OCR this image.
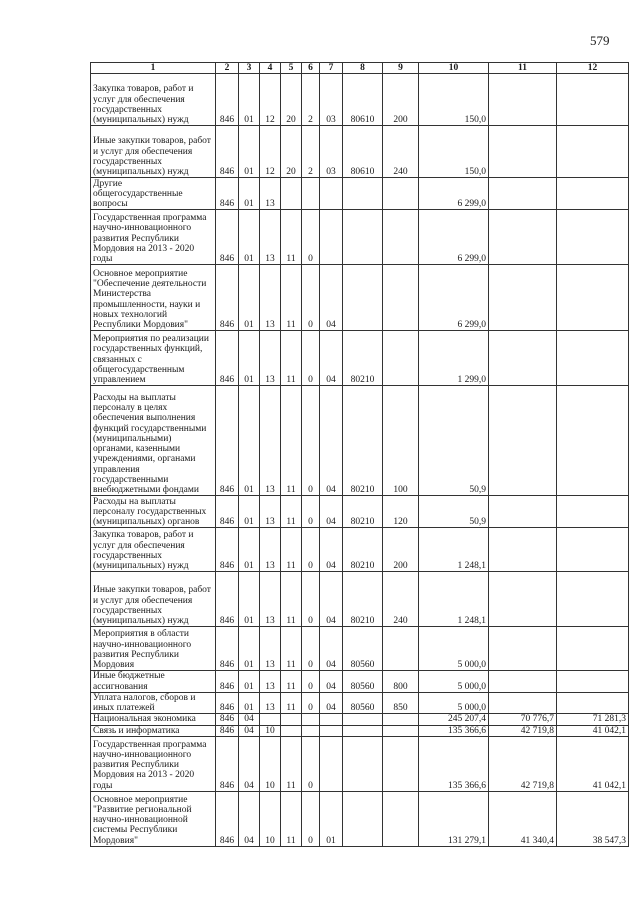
579
1	2	3	4	5	6	7	8	9	10	11	12
Закупка товаров, работ и услуг для обеспечения государственных (муниципальных) нужд	846	01	12	20	2	03	80610	200	150,0		
Иные закупки товаров, работ и услуг для обеспечения государственных (муниципальных) нужд	846	01	12	20	2	03	80610	240	150,0		
Другие общегосударственные вопросы	846	01	13						6 299,0		
Государственная программа научно-инновационного развития Республики Мордовия на 2013 - 2020 годы	846	01	13	11	0				6 299,0		
Основное мероприятие "Обеспечение деятельности Министерства промышленности, науки и новых технологий Республики Мордовия"	846	01	13	11	0	04			6 299,0		
Мероприятия по реализации государственных функций, связанных с общегосударственным управлением	846	01	13	11	0	04	80210		1 299,0		
Расходы на выплаты персоналу в целях обеспечения выполнения функций государственными (муниципальными) органами, казенными учреждениями, органами управления государственными внебюджетными фондами	846	01	13	11	0	04	80210	100	50,9		
Расходы на выплаты персоналу государственных (муниципальных) органов	846	01	13	11	0	04	80210	120	50,9		
Закупка товаров, работ и услуг для обеспечения государственных (муниципальных) нужд	846	01	13	11	0	04	80210	200	1 248,1		
Иные закупки товаров, работ и услуг для обеспечения государственных (муниципальных) нужд	846	01	13	11	0	04	80210	240	1 248,1		
Мероприятия в области научно-инновационного развития Республики Мордовия	846	01	13	11	0	04	80560		5 000,0		
Иные бюджетные ассигнования	846	01	13	11	0	04	80560	800	5 000,0		
Уплата налогов, сборов и иных платежей	846	01	13	11	0	04	80560	850	5 000,0		
Национальная экономика	846	04							245 207,4	70 776,7	71 281,3
Связь и информатика	846	04	10						135 366,6	42 719,8	41 042,1
Государственная программа научно-инновационного развития Республики Мордовия на 2013 - 2020 годы	846	04	10	11	0				135 366,6	42 719,8	41 042,1
Основное мероприятие "Развитие региональной научно-инновационной системы Республики Мордовия"	846	04	10	11	0	01			131 279,1	41 340,4	38 547,3
